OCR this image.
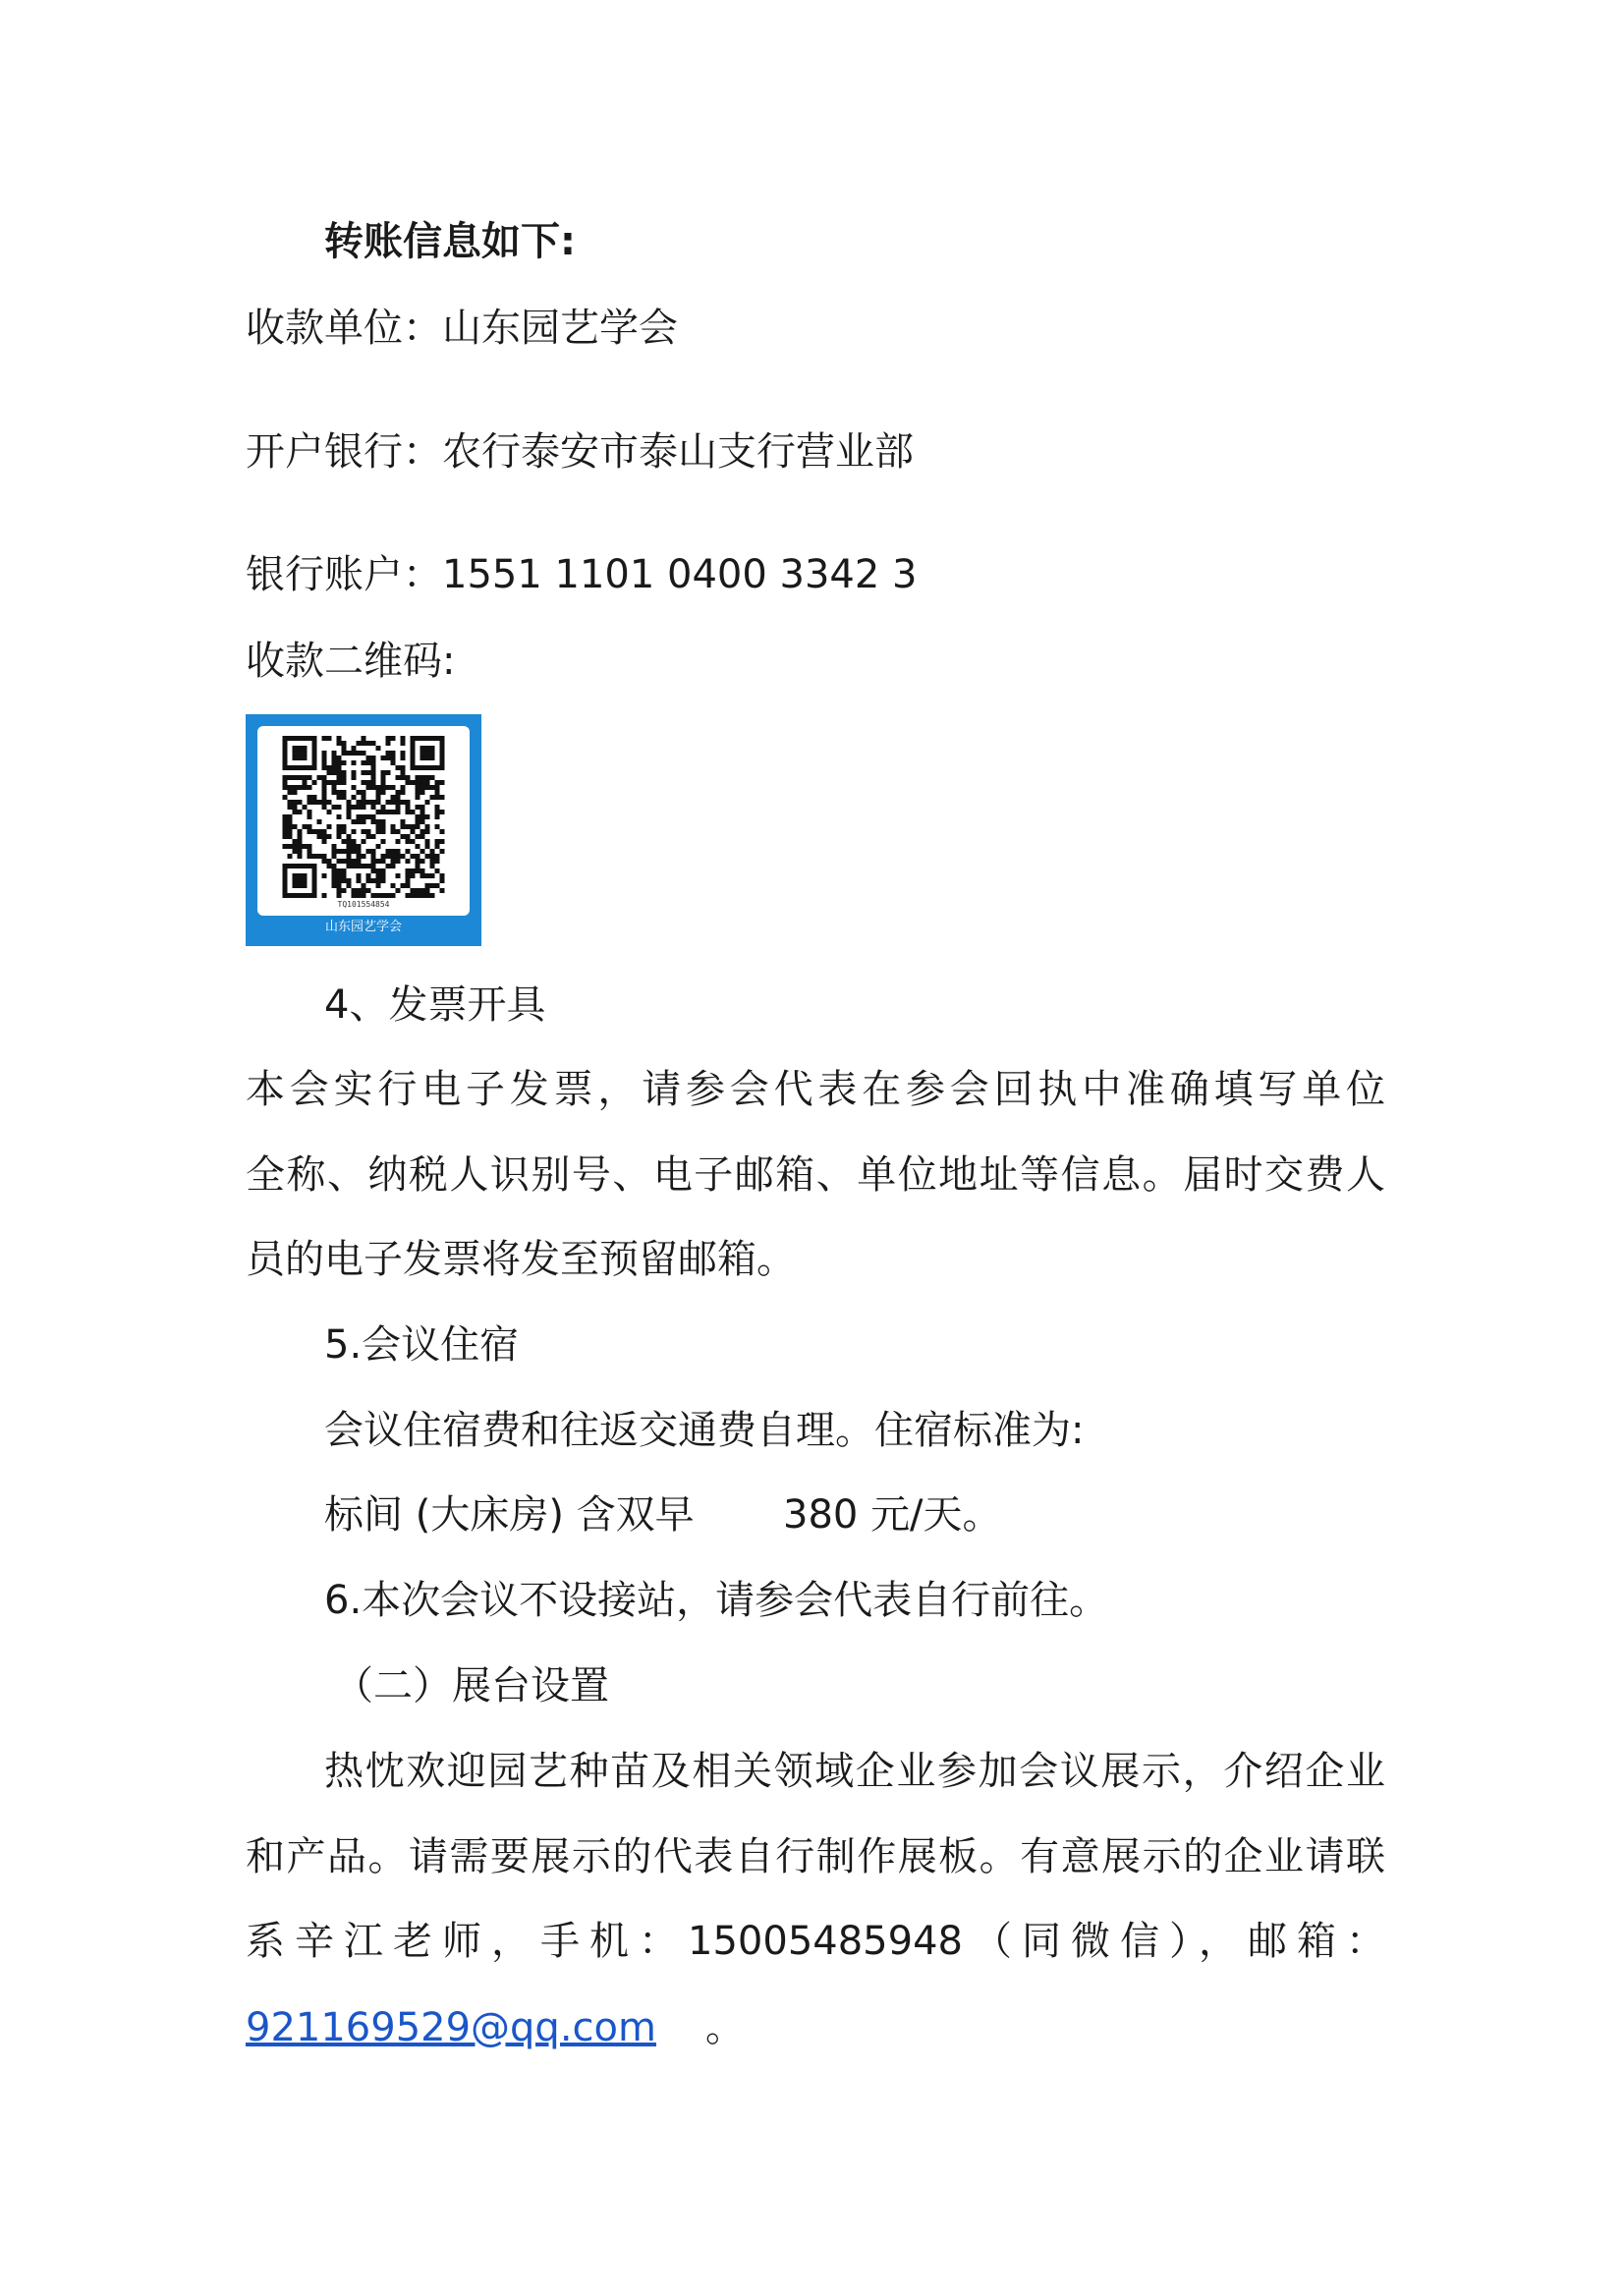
转账信息如下:
收款单位：山东园艺学会
开户银行：农行泰安市泰山支行营业部
银行账户：1551 1101 0400 3342 3
收款二维码:
TQ101554854
山东园艺学会
4、发票开具
本会实行电子发票，请参会代表在参会回执中准确填写单位
全称、纳税人识别号、电子邮箱、单位地址等信息。届时交费人
员的电子发票将发至预留邮箱。
5.会议住宿
会议住宿费和往返交通费自理。住宿标准为:
标间 (大床房) 含双早 380 元/天。
6.本次会议不设接站，请参会代表自行前往。
（二）展台设置
热忱欢迎园艺种苗及相关领域企业参加会议展示，介绍企业
和产品。请需要展示的代表自行制作展板。有意展示的企业请联
系辛江老师，手机：15005485948（同微信），邮箱：
921169529@qq.com 。
